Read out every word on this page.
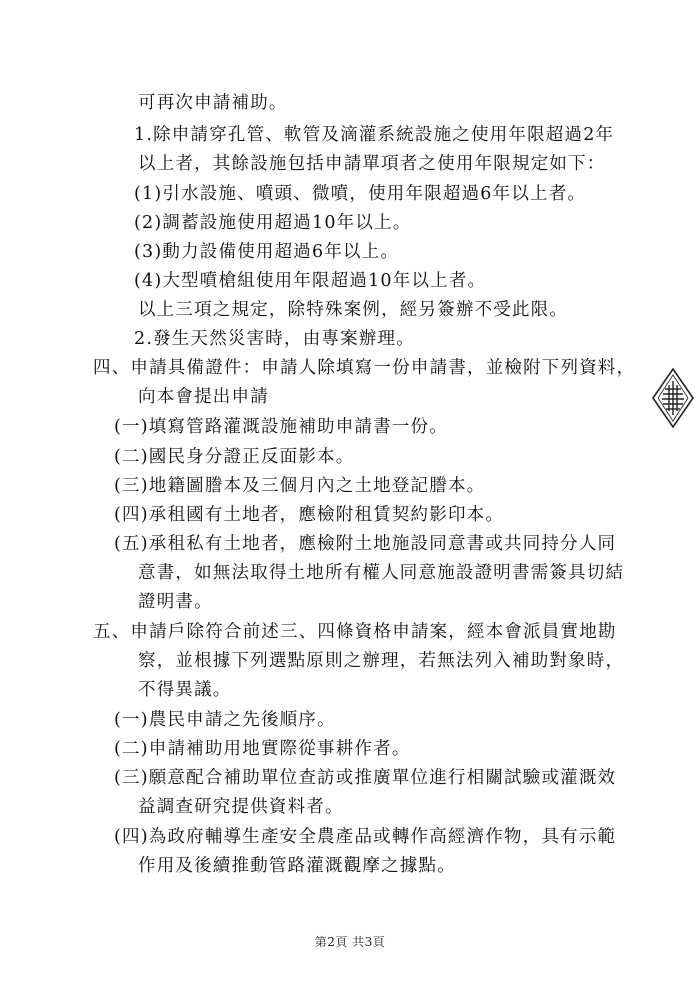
可再次申請補助。
1.除申請穿孔管、軟管及滴灌系統設施之使用年限超過2年
以上者，其餘設施包括申請單項者之使用年限規定如下：
(1)引水設施、噴頭、微噴，使用年限超過6年以上者。
(2)調蓄設施使用超過10年以上。
(3)動力設備使用超過6年以上。
(4)大型噴槍組使用年限超過10年以上者。
以上三項之規定，除特殊案例，經另簽辦不受此限。
2.發生天然災害時，由專案辦理。
四、申請具備證件：申請人除填寫一份申請書，並檢附下列資料，
向本會提出申請
(一)填寫管路灌溉設施補助申請書一份。
(二)國民身分證正反面影本。
(三)地籍圖謄本及三個月內之土地登記謄本。
(四)承租國有土地者，應檢附租賃契約影印本。
(五)承租私有土地者，應檢附土地施設同意書或共同持分人同
意書，如無法取得土地所有權人同意施設證明書需簽具切結
證明書。
五、申請戶除符合前述三、四條資格申請案，經本會派員實地勘
察，並根據下列選點原則之辦理，若無法列入補助對象時，
不得異議。
(一)農民申請之先後順序。
(二)申請補助用地實際從事耕作者。
(三)願意配合補助單位查訪或推廣單位進行相關試驗或灌溉效
益調查研究提供資料者。
(四)為政府輔導生產安全農產品或轉作高經濟作物，具有示範
作用及後續推動管路灌溉觀摩之據點。
第2頁 共3頁
